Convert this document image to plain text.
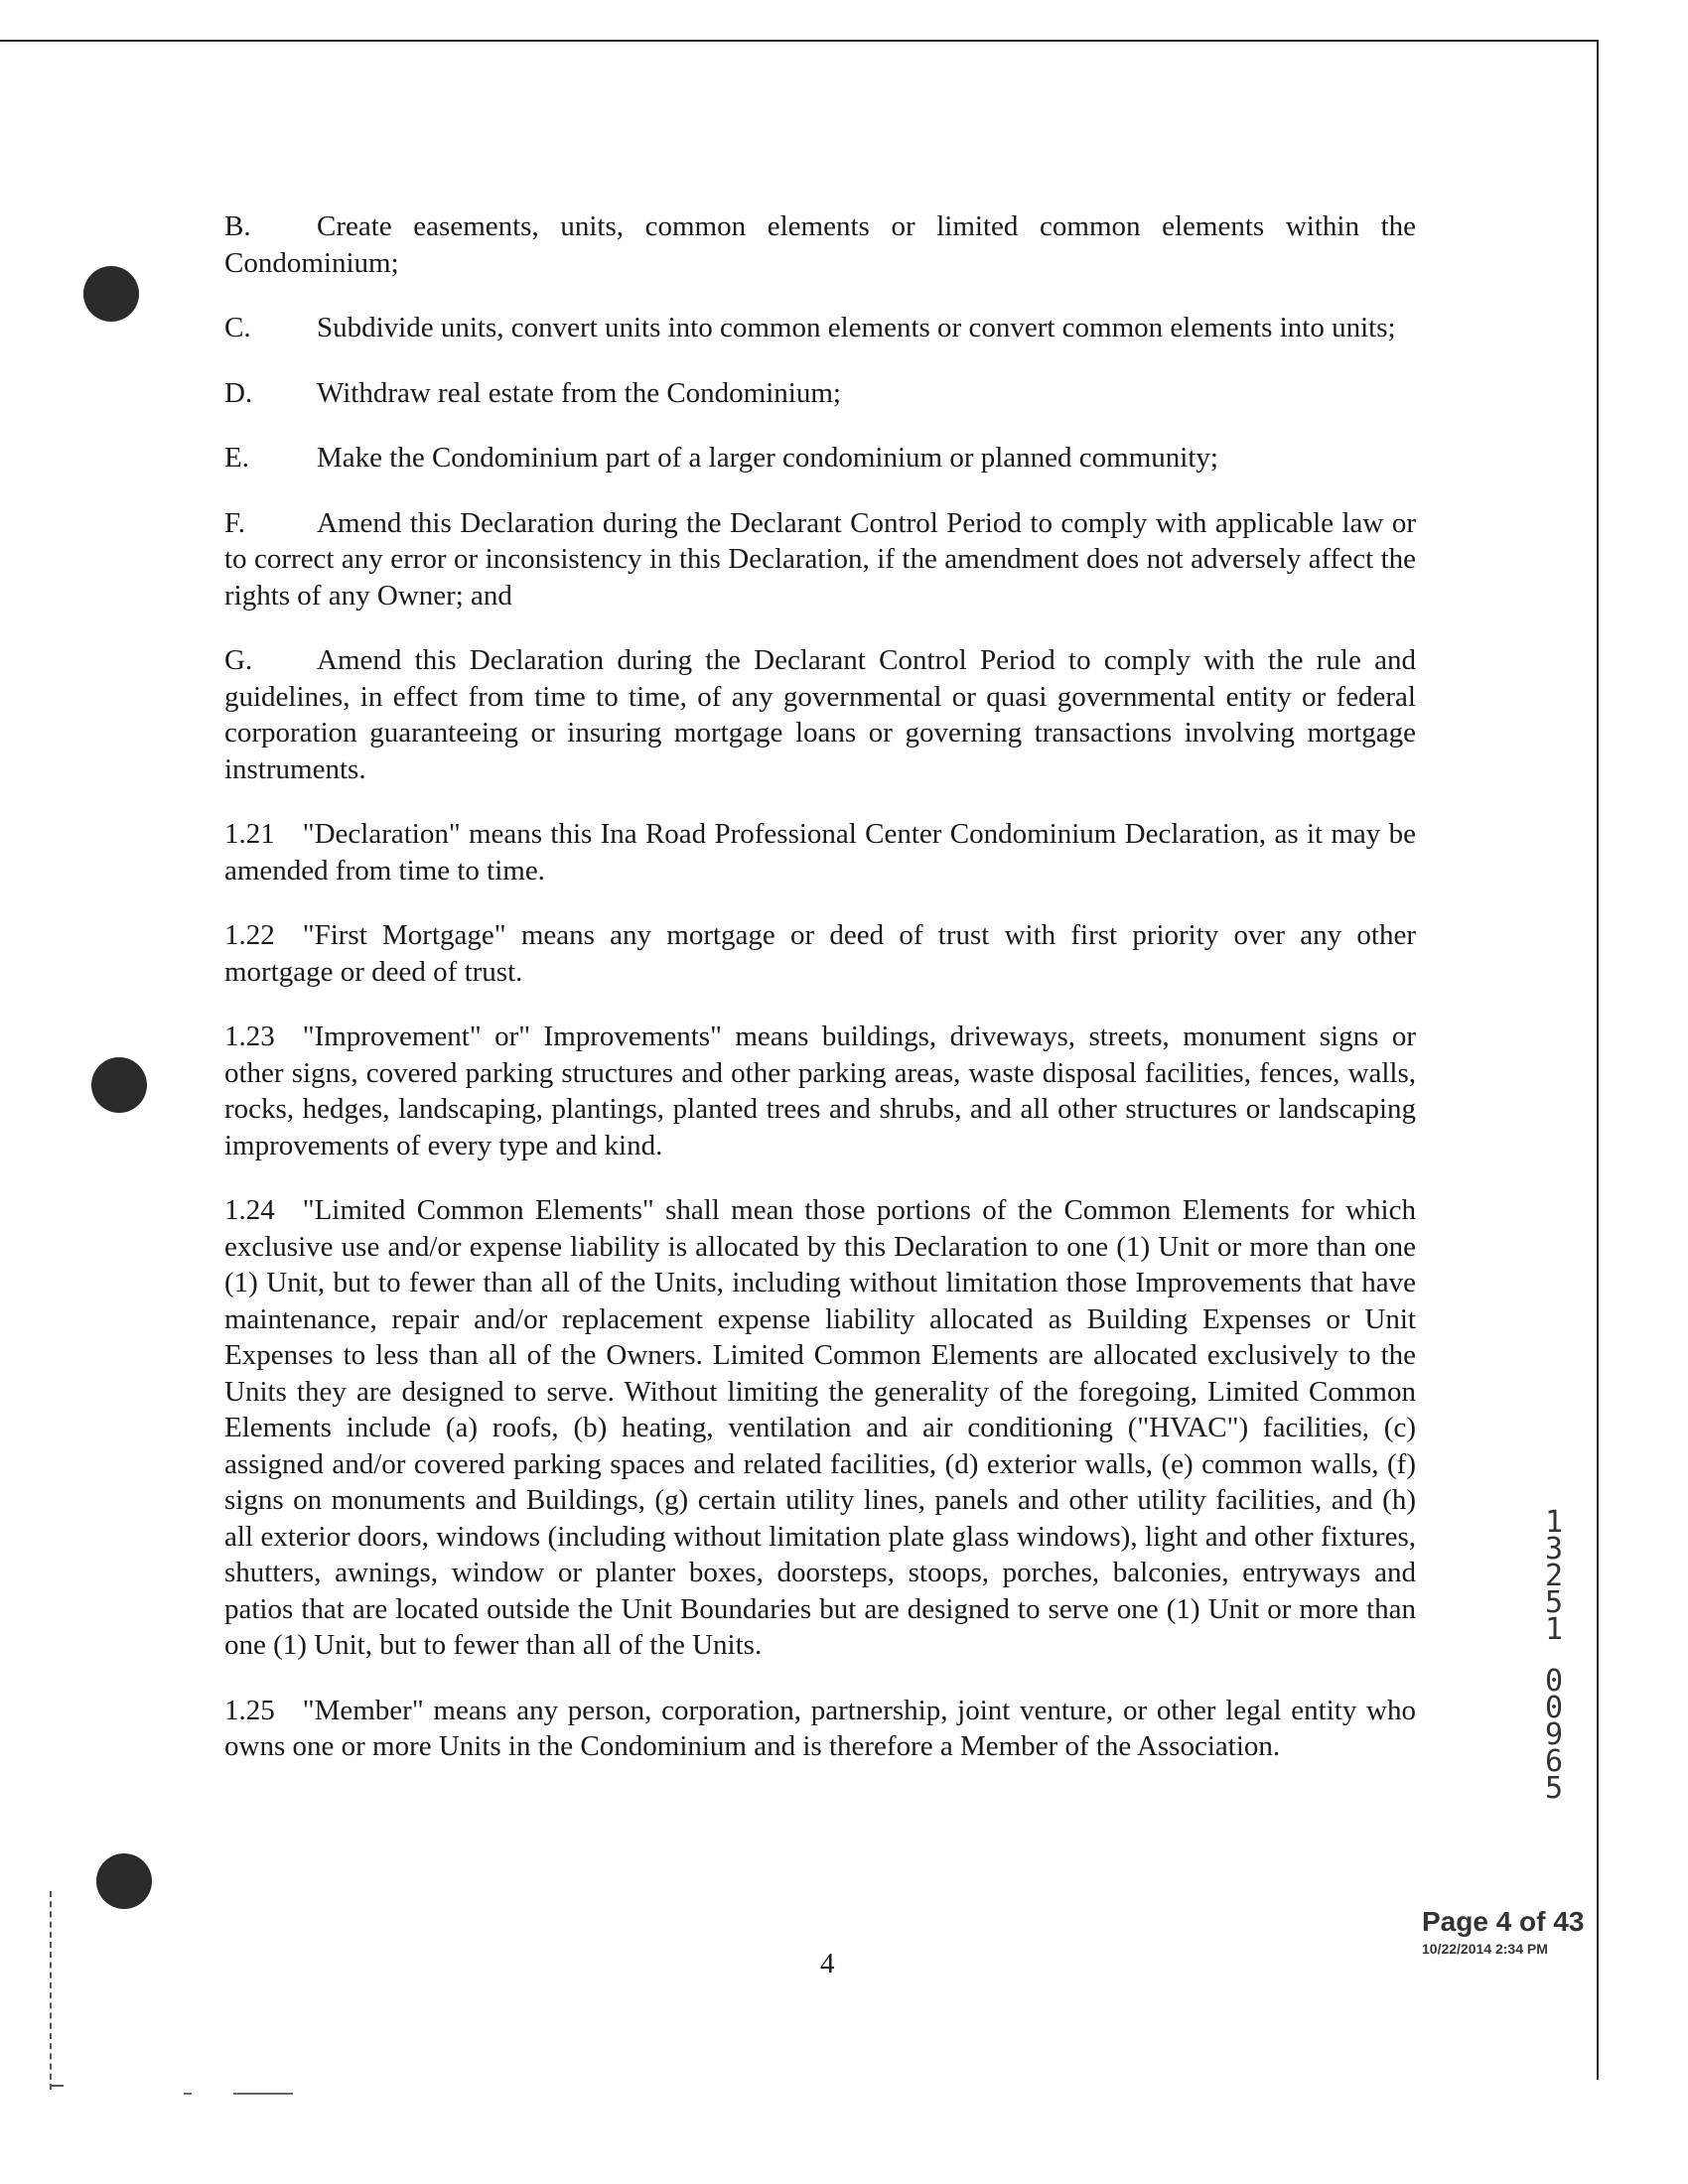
B. Create easements, units, common elements or limited common elements within the Condominium;

C. Subdivide units, convert units into common elements or convert common elements into units;

D. Withdraw real estate from the Condominium;

E. Make the Condominium part of a larger condominium or planned community;

F. Amend this Declaration during the Declarant Control Period to comply with applicable law or to correct any error or inconsistency in this Declaration, if the amendment does not adversely affect the rights of any Owner; and

G. Amend this Declaration during the Declarant Control Period to comply with the rule and guidelines, in effect from time to time, of any governmental or quasi governmental entity or federal corporation guaranteeing or insuring mortgage loans or governing transactions involving mortgage instruments.

1.21 "Declaration" means this Ina Road Professional Center Condominium Declaration, as it may be amended from time to time.

1.22 "First Mortgage" means any mortgage or deed of trust with first priority over any other mortgage or deed of trust.

1.23 "Improvement" or" Improvements" means buildings, driveways, streets, monument signs or other signs, covered parking structures and other parking areas, waste disposal facilities, fences, walls, rocks, hedges, landscaping, plantings, planted trees and shrubs, and all other structures or landscaping improvements of every type and kind.

1.24 "Limited Common Elements" shall mean those portions of the Common Elements for which exclusive use and/or expense liability is allocated by this Declaration to one (1) Unit or more than one (1) Unit, but to fewer than all of the Units, including without limitation those Improvements that have maintenance, repair and/or replacement expense liability allocated as Building Expenses or Unit Expenses to less than all of the Owners. Limited Common Elements are allocated exclusively to the Units they are designed to serve. Without limiting the generality of the foregoing, Limited Common Elements include (a) roofs, (b) heating, ventilation and air conditioning ("HVAC") facilities, (c) assigned and/or covered parking spaces and related facilities, (d) exterior walls, (e) common walls, (f) signs on monuments and Buildings, (g) certain utility lines, panels and other utility facilities, and (h) all exterior doors, windows (including without limitation plate glass windows), light and other fixtures, shutters, awnings, window or planter boxes, doorsteps, stoops, porches, balconies, entryways and patios that are located outside the Unit Boundaries but are designed to serve one (1) Unit or more than one (1) Unit, but to fewer than all of the Units.

1.25 "Member" means any person, corporation, partnership, joint venture, or other legal entity who owns one or more Units in the Condominium and is therefore a Member of the Association.

4
1
3
2
5
1
0
0
9
6
5
Page 4 of 43
10/22/2014 2:34 PM
